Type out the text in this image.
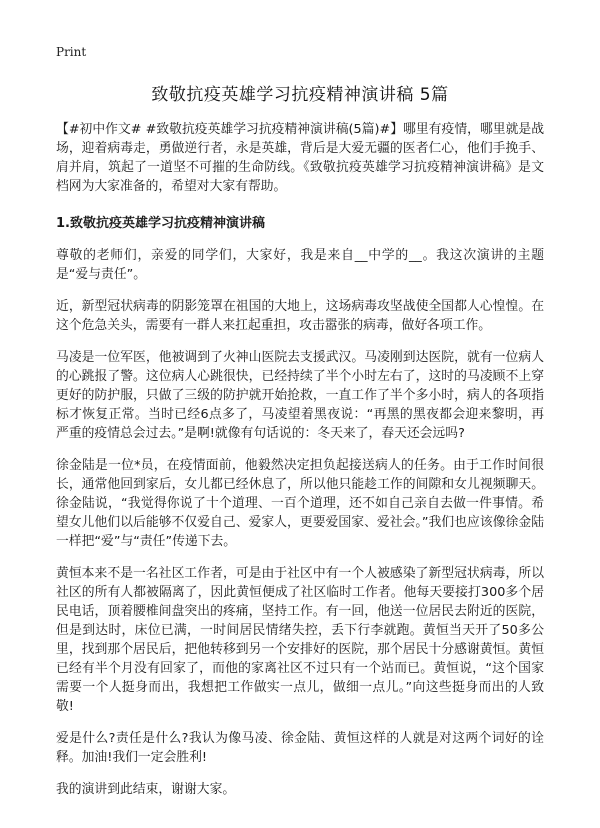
Print
致敬抗疫英雄学习抗疫精神演讲稿 5篇

【#初中作文# #致敬抗疫英雄学习抗疫精神演讲稿(5篇)#】哪里有疫情，哪里就是战场，迎着病毒走，勇做逆行者，永是英雄，背后是大爱无疆的医者仁心，他们手挽手、肩并肩，筑起了一道坚不可摧的生命防线。《致敬抗疫英雄学习抗疫精神演讲稿》是文档网为大家准备的，希望对大家有帮助。

1.致敬抗疫英雄学习抗疫精神演讲稿

尊敬的老师们，亲爱的同学们，大家好，我是来自__中学的__。我这次演讲的主题是“爱与责任”。

近，新型冠状病毒的阴影笼罩在祖国的大地上，这场病毒攻坚战使全国都人心惶惶。在这个危急关头，需要有一群人来扛起重担，攻击嚣张的病毒，做好各项工作。

马凌是一位军医，他被调到了火神山医院去支援武汉。马凌刚到达医院，就有一位病人的心跳报了警。这位病人心跳很快，已经持续了半个小时左右了，这时的马凌顾不上穿更好的防护服，只做了三级的防护就开始抢救，一直工作了半个多小时，病人的各项指标才恢复正常。当时已经6点多了，马凌望着黑夜说：“再黑的黑夜都会迎来黎明，再严重的疫情总会过去。”是啊!就像有句话说的：冬天来了，春天还会远吗?

徐金陆是一位*员，在疫情面前，他毅然决定担负起接送病人的任务。由于工作时间很长，通常他回到家后，女儿都已经休息了，所以他只能趁工作的间隙和女儿视频聊天。徐金陆说，“我觉得你说了十个道理、一百个道理，还不如自己亲自去做一件事情。希望女儿他们以后能够不仅爱自己、爱家人，更要爱国家、爱社会。”我们也应该像徐金陆一样把“爱”与“责任”传递下去。

黄恒本来不是一名社区工作者，可是由于社区中有一个人被感染了新型冠状病毒，所以社区的所有人都被隔离了，因此黄恒便成了社区临时工作者。他每天要接打300多个居民电话，顶着腰椎间盘突出的疼痛，坚持工作。有一回，他送一位居民去附近的医院，但是到达时，床位已满，一时间居民情绪失控，丢下行李就跑。黄恒当天开了50多公里，找到那个居民后，把他转移到另一个安排好的医院，那个居民十分感谢黄恒。黄恒已经有半个月没有回家了，而他的家离社区不过只有一个站而已。黄恒说，“这个国家需要一个人挺身而出，我想把工作做实一点儿，做细一点儿。”向这些挺身而出的人致敬!

爱是什么?责任是什么?我认为像马凌、徐金陆、黄恒这样的人就是对这两个词好的诠释。加油!我们一定会胜利!

我的演讲到此结束，谢谢大家。
